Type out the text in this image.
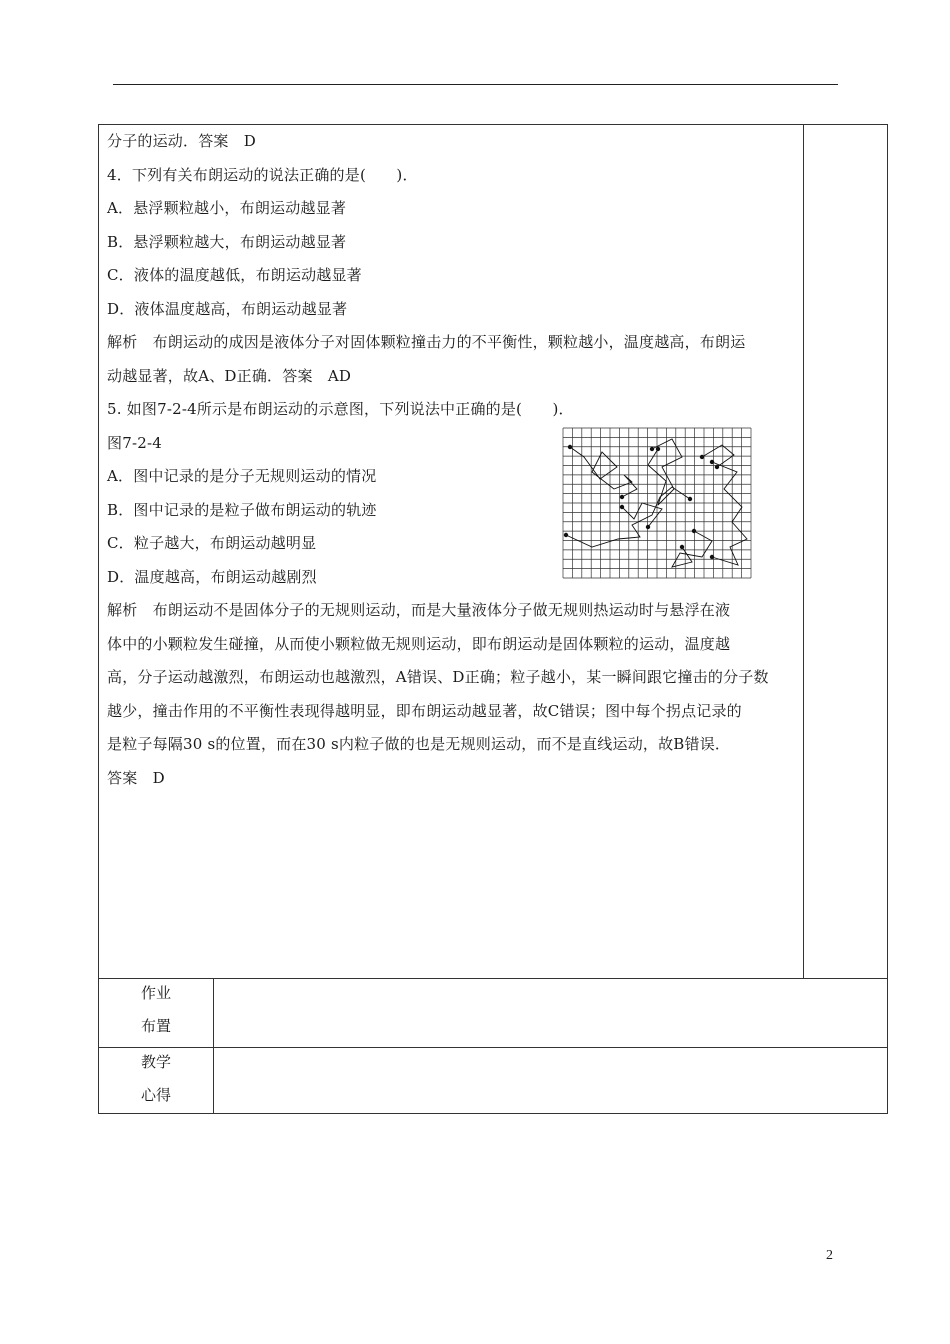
分子的运动．答案　D
4．下列有关布朗运动的说法正确的是(　　)．
A．悬浮颗粒越小，布朗运动越显著
B．悬浮颗粒越大，布朗运动越显著
C．液体的温度越低，布朗运动越显著
D．液体温度越高，布朗运动越显著
解析　布朗运动的成因是液体分子对固体颗粒撞击力的不平衡性，颗粒越小，温度越高，布朗运
动越显著，故A、D正确．答案　AD
5. 如图7-2-4所示是布朗运动的示意图，下列说法中正确的是(　　)．
图7-2-4
A．图中记录的是分子无规则运动的情况
B．图中记录的是粒子做布朗运动的轨迹
C．粒子越大，布朗运动越明显
D．温度越高，布朗运动越剧烈
解析　布朗运动不是固体分子的无规则运动，而是大量液体分子做无规则热运动时与悬浮在液
体中的小颗粒发生碰撞，从而使小颗粒做无规则运动，即布朗运动是固体颗粒的运动，温度越
高，分子运动越激烈，布朗运动也越激烈，A错误、D正确；粒子越小，某一瞬间跟它撞击的分子数
越少，撞击作用的不平衡性表现得越明显，即布朗运动越显著，故C错误；图中每个拐点记录的
是粒子每隔30 s的位置，而在30 s内粒子做的也是无规则运动，而不是直线运动，故B错误．
答案　D
作业
布置
教学
心得
2
